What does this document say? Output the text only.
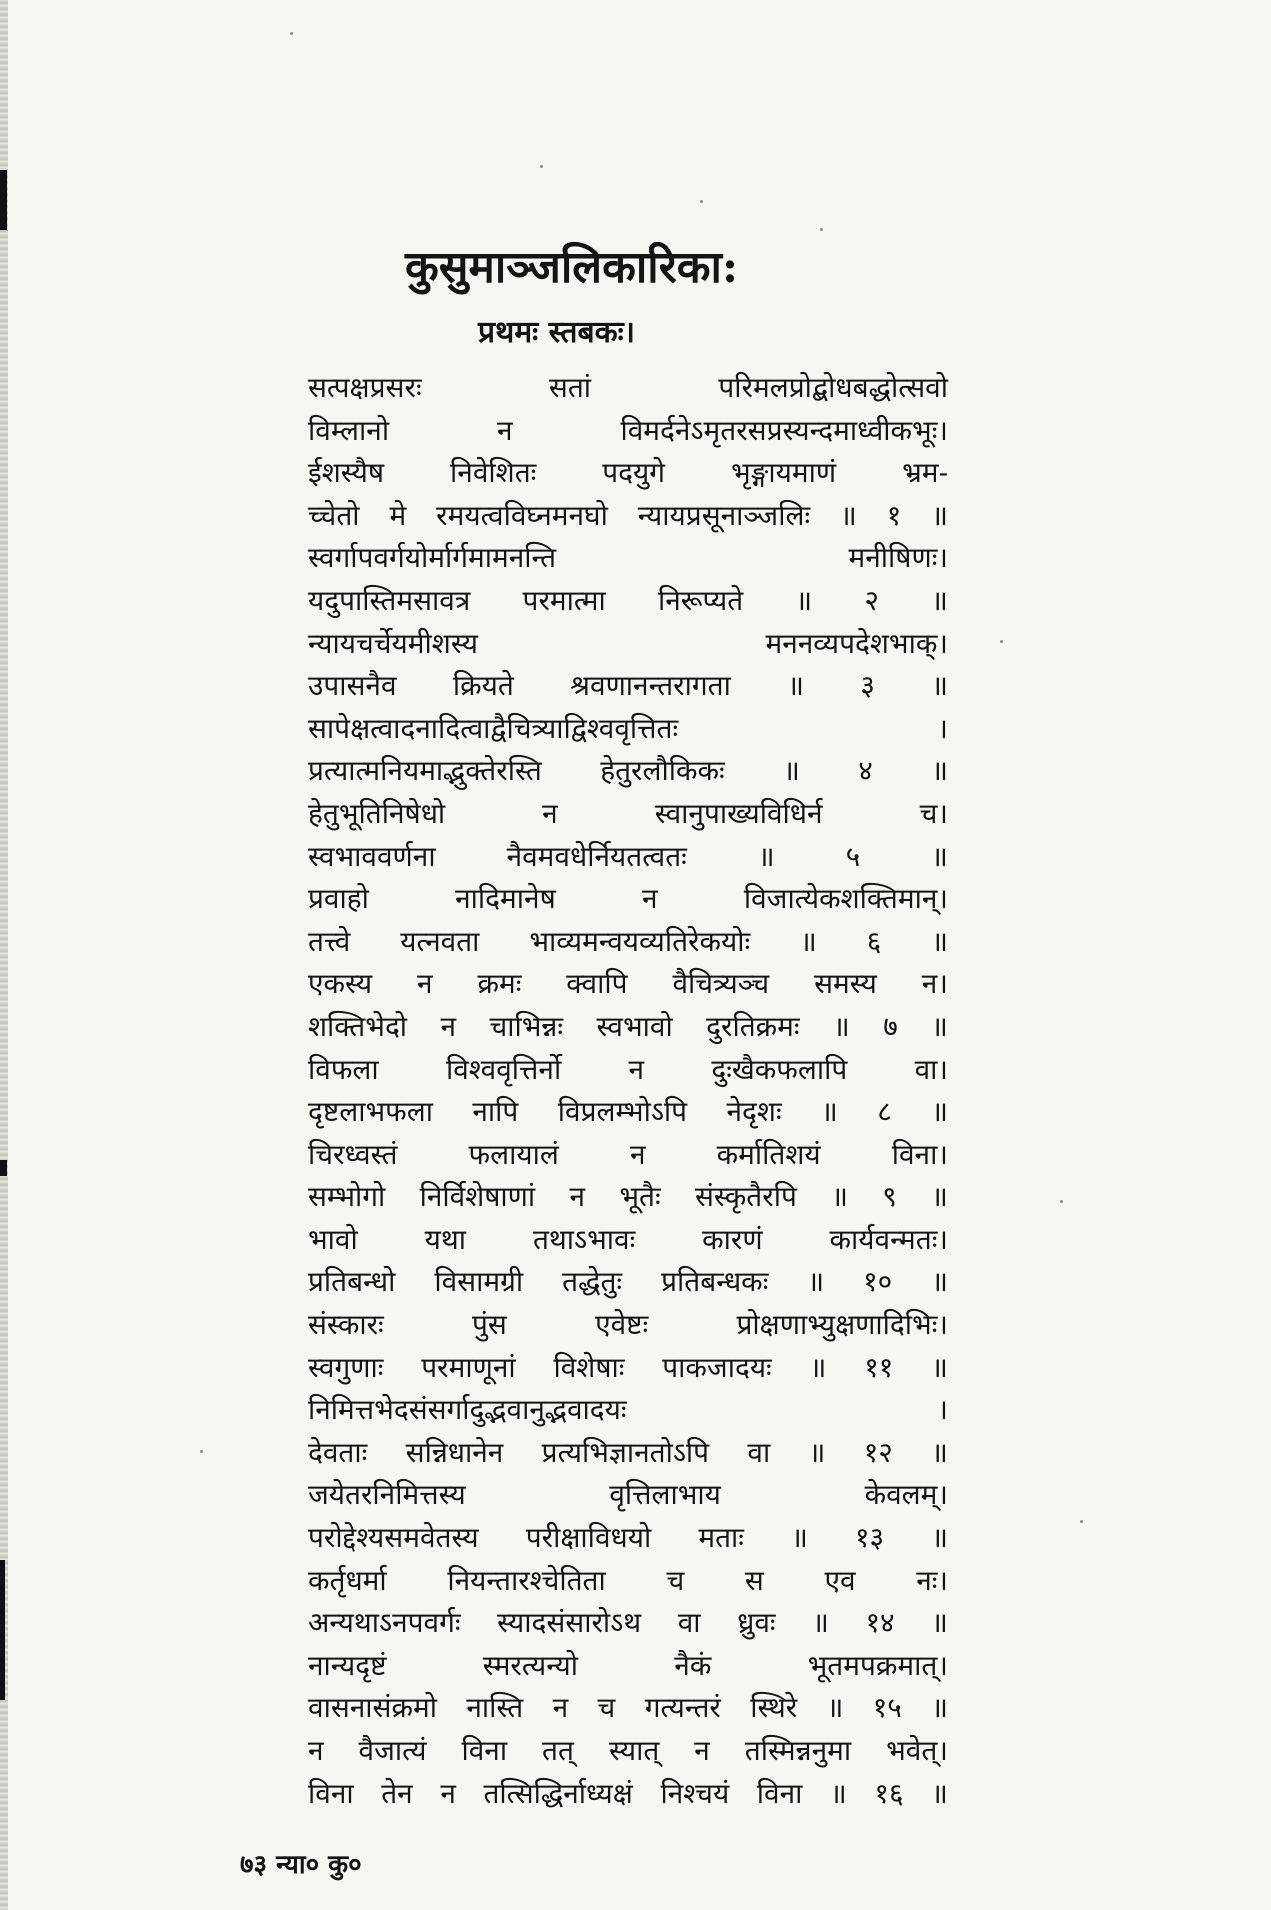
कुसुमाञ्जलिकारिका:
प्रथमः स्तबकः।
सत्पक्षप्रसरः	सतां	परिमलप्रोद्बोधबद्धोत्सवो
विम्लानो	न	विमर्दनेऽमृतरसप्रस्यन्दमाध्वीकभूः।
ईशस्यैष निवेशितः पदयुगे भृङ्गायमाणं भ्रम-
च्चेतो मे रमयत्वविघ्नमनघो न्यायप्रसूनाञ्जलिः ॥ १ ॥
स्वर्गापवर्गयोर्मार्गमामनन्ति	मनीषिणः।
यदुपास्तिमसावत्र परमात्मा निरूप्यते ॥ २ ॥
न्यायचर्चेयमीशस्य	मननव्यपदेशभाक्।
उपासनैव क्रियते श्रवणानन्तरागता ॥ ३ ॥
सापेक्षत्वादनादित्वाद्वैचित्र्याद्विश्ववृत्तितः	।
प्रत्यात्मनियमाद्भुक्तेरस्ति हेतुरलौकिकः ॥ ४ ॥
हेतुभूतिनिषेधो	न	स्वानुपाख्यविधिर्न	च।
स्वभाववर्णना	नैवमवधेर्नियतत्वतः	॥	५	॥
प्रवाहो	नादिमानेष	न	विजात्येकशक्तिमान्।
तत्त्वे यत्नवता भाव्यमन्वयव्यतिरेकयोः ॥ ६ ॥
एकस्य न क्रमः क्वापि वैचित्र्यञ्च समस्य न।
शक्तिभेदो न चाभिन्नः स्वभावो दुरतिक्रमः ॥ ७ ॥
विफला विश्ववृत्तिर्नो न दुःखैकफलापि वा।
दृष्टलाभफला नापि विप्रलम्भोऽपि नेदृशः ॥ ८ ॥
चिरध्वस्तं	फलायालं	न	कर्मातिशयं	विना।
सम्भोगो निर्विशेषाणां न भूतैः संस्कृतैरपि ॥ ९ ॥
भावो यथा तथाऽभावः कारणं कार्यवन्मतः।
प्रतिबन्धो विसामग्री तद्धेतुः प्रतिबन्धकः ॥ १० ॥
संस्कारः	पुंस	एवेष्टः	प्रोक्षणाभ्युक्षणादिभिः।
स्वगुणाः परमाणूनां विशेषाः पाकजादयः ॥ ११ ॥
निमित्तभेदसंसर्गादुद्भवानुद्भवादयः	।
देवताः सन्निधानेन प्रत्यभिज्ञानतोऽपि वा ॥ १२ ॥
जयेतरनिमित्तस्य	वृत्तिलाभाय	केवलम्।
परोद्देश्यसमवेतस्य परीक्षाविधयो मताः ॥ १३ ॥
कर्तृधर्मा नियन्तारश्चेतिता च स एव नः।
अन्यथाऽनपवर्गः स्यादसंसारोऽथ वा ध्रुवः ॥ १४ ॥
नान्यदृष्टं	स्मरत्यन्यो	नैकं	भूतमपक्रमात्।
वासनासंक्रमो नास्ति न च गत्यन्तरं स्थिरे ॥ १५ ॥
न वैजात्यं विना तत् स्यात् न तस्मिन्ननुमा भवेत्।
विना तेन न तत्सिद्धिर्नाध्यक्षं निश्चयं विना ॥ १६ ॥
७३ न्या० कु०
